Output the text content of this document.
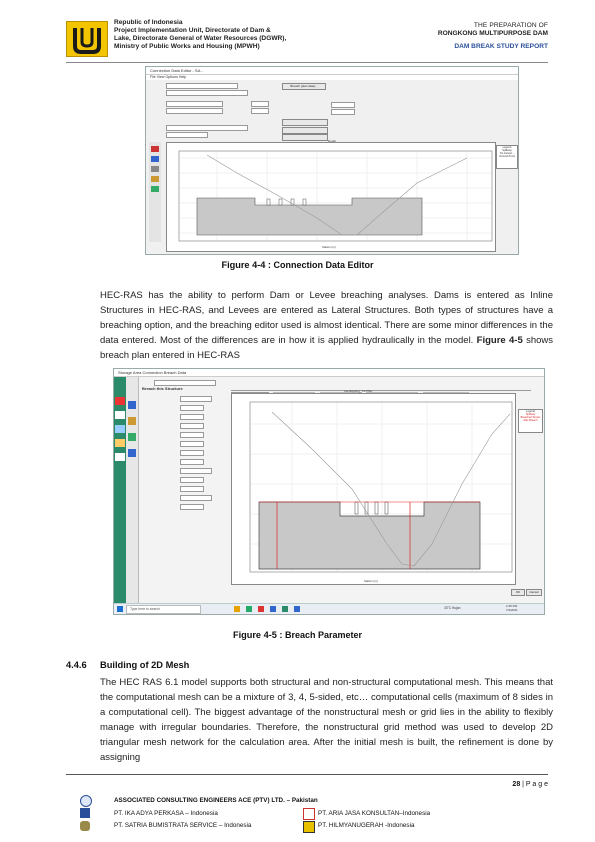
Republic of Indonesia
Project Implementation Unit, Directorate of Dam &
Lake, Directorate General of Water Resources (DGWR),
Ministry of Public Works and Housing (MPWH)
THE PREPARATION OF
RONGKONG MULTIPURPOSE DAM
DAM BREAK STUDY REPORT
Connection Data Editor - SA...
File View Options Help
Breach (plan data)...
Dodol
Legend
Spillway
Tie Culvert...
Ground Pond
Station (m)
Figure 4-4 : Connection Data Editor
HEC-RAS has the ability to perform Dam or Levee breaching analyses. Dams is entered as Inline Structures in HEC-RAS, and Levees are entered as Lateral Structures. Both types of structures have a breaching option, and the breaching editor used is almost identical. There are some minor differences in the data entered. Most of the differences are in how it is applied hydraulically in the model. Figure 4-5 shows breach plan entered in HEC-RAS
Storage Area Connection Breach Data
Breach this Structure
	overtopping_Txt Plan
Legend
Spillway
Breached Terrain
Max Breach
Station (m)
OK	Cancel
Type here to search	33°C Hujan	2:45 PM
7/4/2021
Figure 4-5 : Breach Parameter
4.4.6 Building of 2D Mesh
The HEC RAS 6.1 model supports both structural and non-structural computational mesh. This means that the computational mesh can be a mixture of 3, 4, 5-sided, etc… computational cells (maximum of 8 sides in a computational cell). The biggest advantage of the nonstructural mesh or grid lies in the ability to flexibly manage with irregular boundaries. Therefore, the nonstructural grid method was used to develop 2D triangular mesh network for the calculation area. After the initial mesh is built, the refinement is done by assigning
28 | P a g e
ASSOCIATED CONSULTING ENGINEERS ACE (PTV) LTD. – Pakistan
PT. IKA ADYA PERKASA – Indonesia
PT. SATRIA BUMISTRATA SERVICE – Indonesia
PT. ARIA JASA KONSULTAN–Indonesia
PT. HILMYANUGERAH -Indonesia
